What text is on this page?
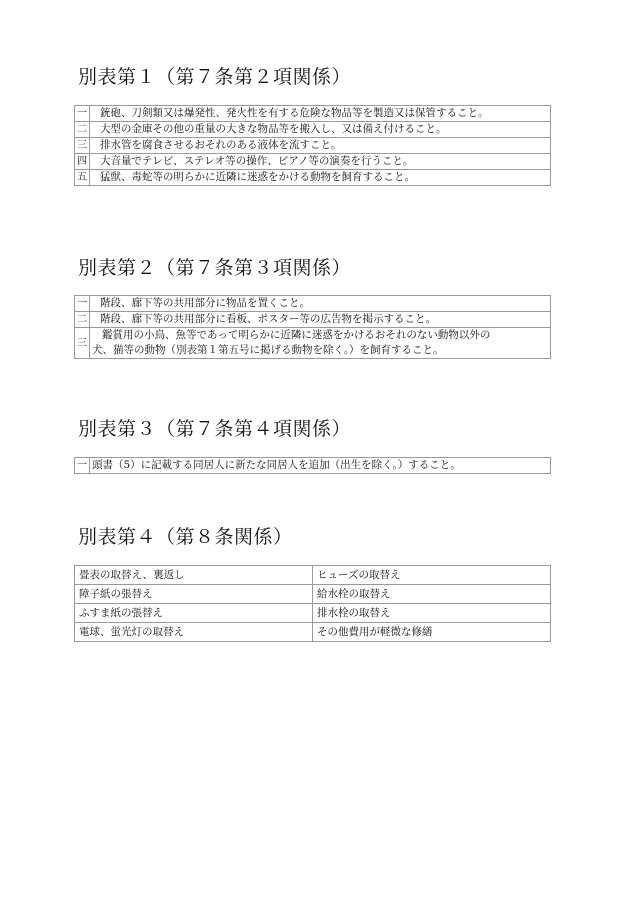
別表第１（第７条第２項関係）
一	銃砲、刀剣類又は爆発性、発火性を有する危険な物品等を製造又は保管すること。
二	大型の金庫その他の重量の大きな物品等を搬入し、又は備え付けること。
三	排水管を腐食させるおそれのある液体を流すこと。
四	大音量でテレビ、ステレオ等の操作、ピアノ等の演奏を行うこと。
五	猛獣、毒蛇等の明らかに近隣に迷惑をかける動物を飼育すること。
別表第２（第７条第３項関係）
一	階段、廊下等の共用部分に物品を置くこと。
二	階段、廊下等の共用部分に看板、ポスター等の広告物を掲示すること。
三	鑑賞用の小鳥、魚等であって明らかに近隣に迷惑をかけるおそれのない動物以外の
犬、猫等の動物（別表第１第五号に掲げる動物を除く。）を飼育すること。
別表第３（第７条第４項関係）
一	頭書（5）に記載する同居人に新たな同居人を追加（出生を除く。）すること。
別表第４（第８条関係）
畳表の取替え、裏返し	ヒューズの取替え
障子紙の張替え	給水栓の取替え
ふすま紙の張替え	排水栓の取替え
電球、蛍光灯の取替え	その他費用が軽微な修繕
